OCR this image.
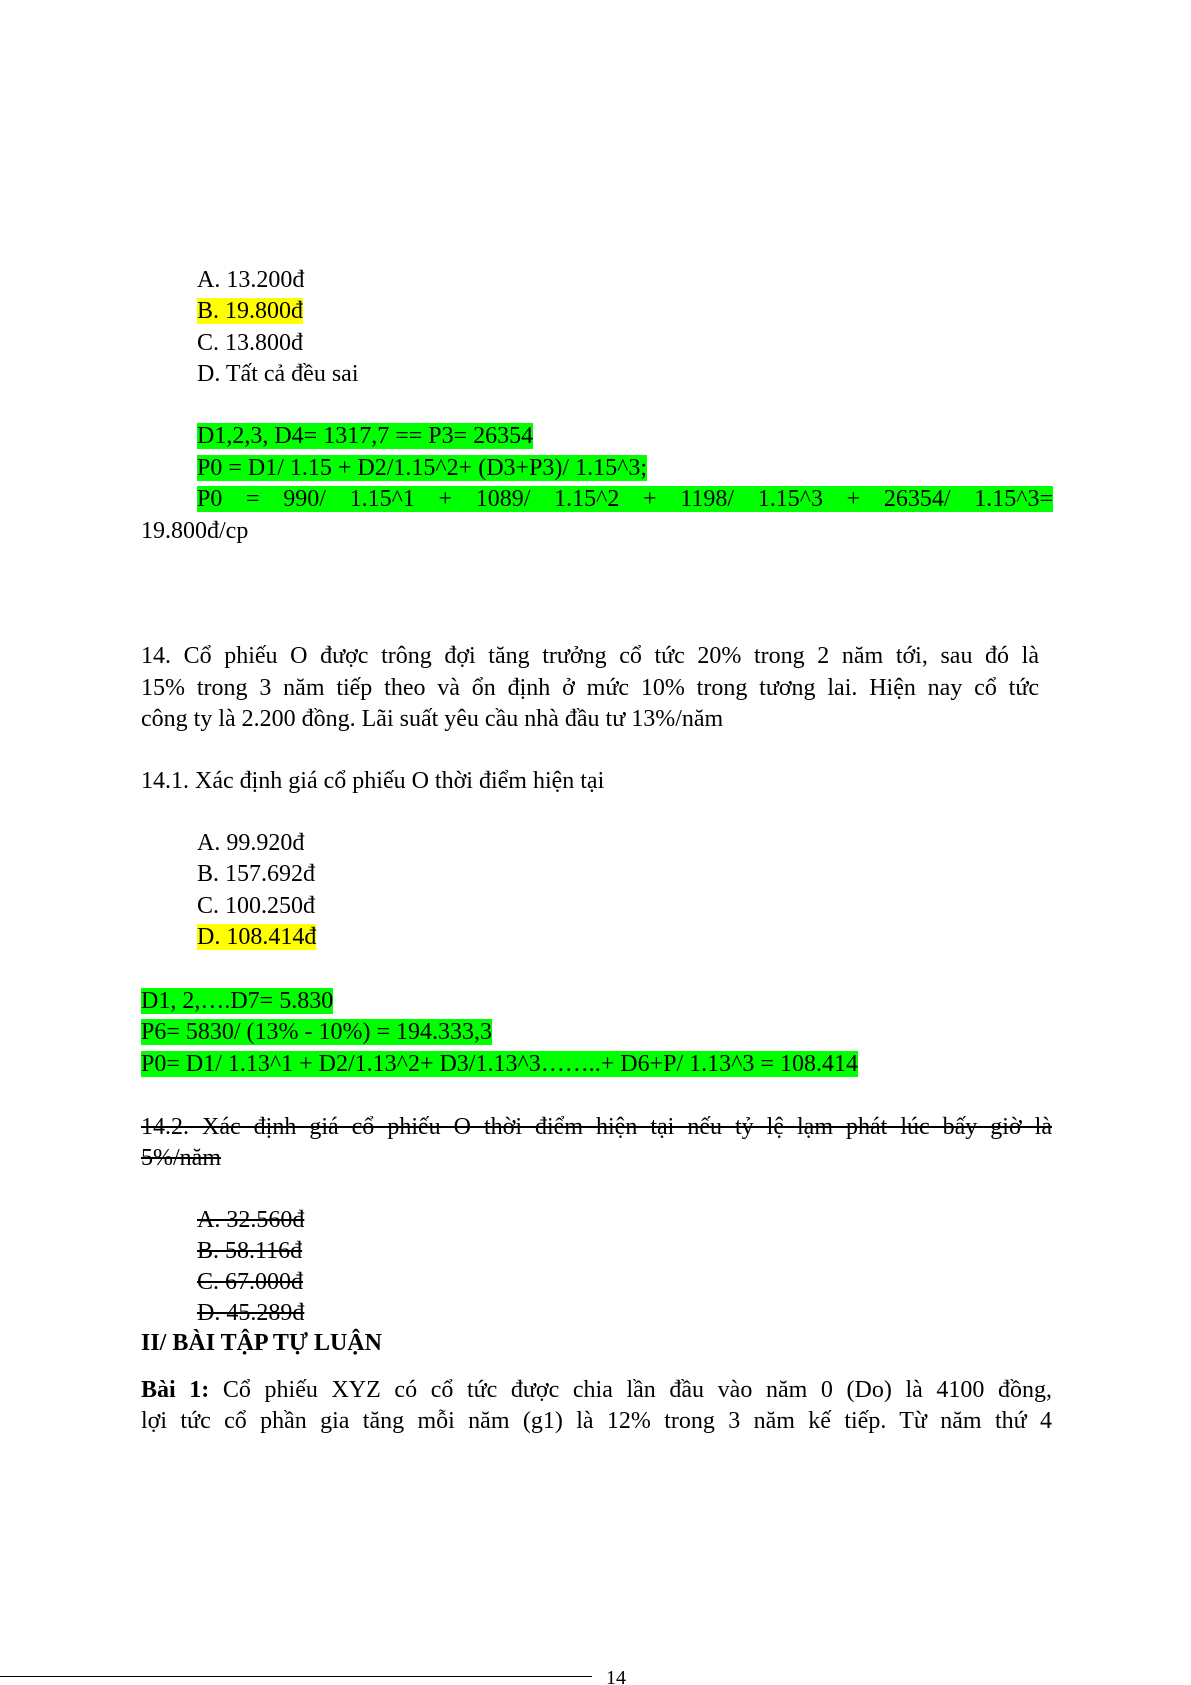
A. 13.200đ
B. 19.800đ
C. 13.800đ
D. Tất cả đều sai
D1,2,3, D4= 1317,7 == P3= 26354
P0 = D1/ 1.15 + D2/1.15^2+ (D3+P3)/ 1.15^3;
P0 = 990/ 1.15^1 + 1089/ 1.15^2 + 1198/ 1.15^3 + 26354/ 1.15^3=
19.800đ/cp
14. Cổ phiếu O được trông đợi tăng trưởng cổ tức 20% trong 2 năm tới, sau đó là
15% trong 3 năm tiếp theo và ổn định ở mức 10% trong tương lai. Hiện nay cổ tức
công ty là 2.200 đồng. Lãi suất yêu cầu nhà đầu tư 13%/năm
14.1. Xác định giá cổ phiếu O thời điểm hiện tại
A. 99.920đ
B. 157.692đ
C. 100.250đ
D. 108.414đ
D1, 2,….D7= 5.830
P6= 5830/ (13% - 10%) = 194.333,3
P0= D1/ 1.13^1 + D2/1.13^2+ D3/1.13^3……..+ D6+P/ 1.13^3 = 108.414
14.2. Xác định giá cổ phiếu O thời điểm hiện tại nếu tỷ lệ lạm phát lúc bấy giờ là
5%/năm
A. 32.560đ
B. 58.116đ
C. 67.000đ
D. 45.289đ
II/ BÀI TẬP TỰ LUẬN
Bài 1: Cổ phiếu XYZ có cổ tức được chia lần đầu vào năm 0 (Do) là 4100 đồng,
lợi tức cổ phần gia tăng mỗi năm (g1) là 12% trong 3 năm kế tiếp. Từ năm thứ 4
14
